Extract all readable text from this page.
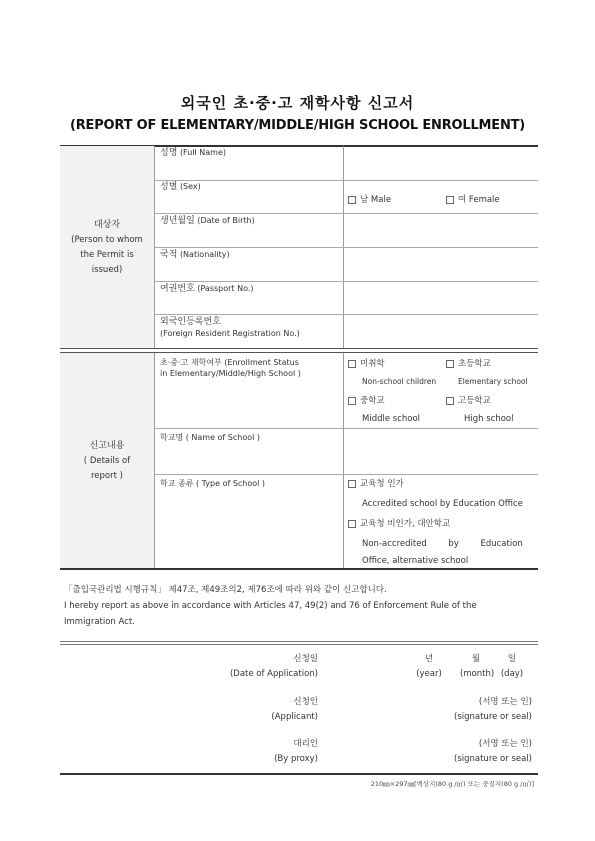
외국인 초·중·고 재학사항 신고서
(REPORT OF ELEMENTARY/MIDDLE/HIGH SCHOOL ENROLLMENT)
대상자
(Person to whom
the Permit is
issued)
성명 (Full Name)
성별 (Sex)
남 Male	여 Female
생년월일 (Date of Birth)
국적 (Nationality)
여권번호 (Passport No.)
외국인등록번호
(Foreign Resident Registration No.)
신고내용
( Details of
report )
초·중·고 재학여부 (Enrollment Status
in Elementary/Middle/High School )
미취학
Non-school children
초등학교
Elementary school
중학교
Middle school
고등학교
High school
학교명 ( Name of School )
학교 종류 ( Type of School )	교육청 인가
Accredited school by Education Office
교육청 비인가, 대안학교
Non-accredited        by        Education
Office, alternative school
「출입국관리법 시행규칙」 제47조, 제49조의2, 제76조에 따라 위와 같이 신고합니다.
I hereby report as above in accordance with Articles 47, 49(2) and 76 of Enforcement Rule of the
Immigration Act.
신청일
(Date of Application)
년
(year)
월
(month)
일
(day)
신청인
(Applicant)
(서명 또는 인)
(signature or seal)
대리인
(By proxy)
(서명 또는 인)
(signature or seal)
210㎜×297㎜[백상지(80 g /㎡) 또는 중질지(80 g /㎡)]
